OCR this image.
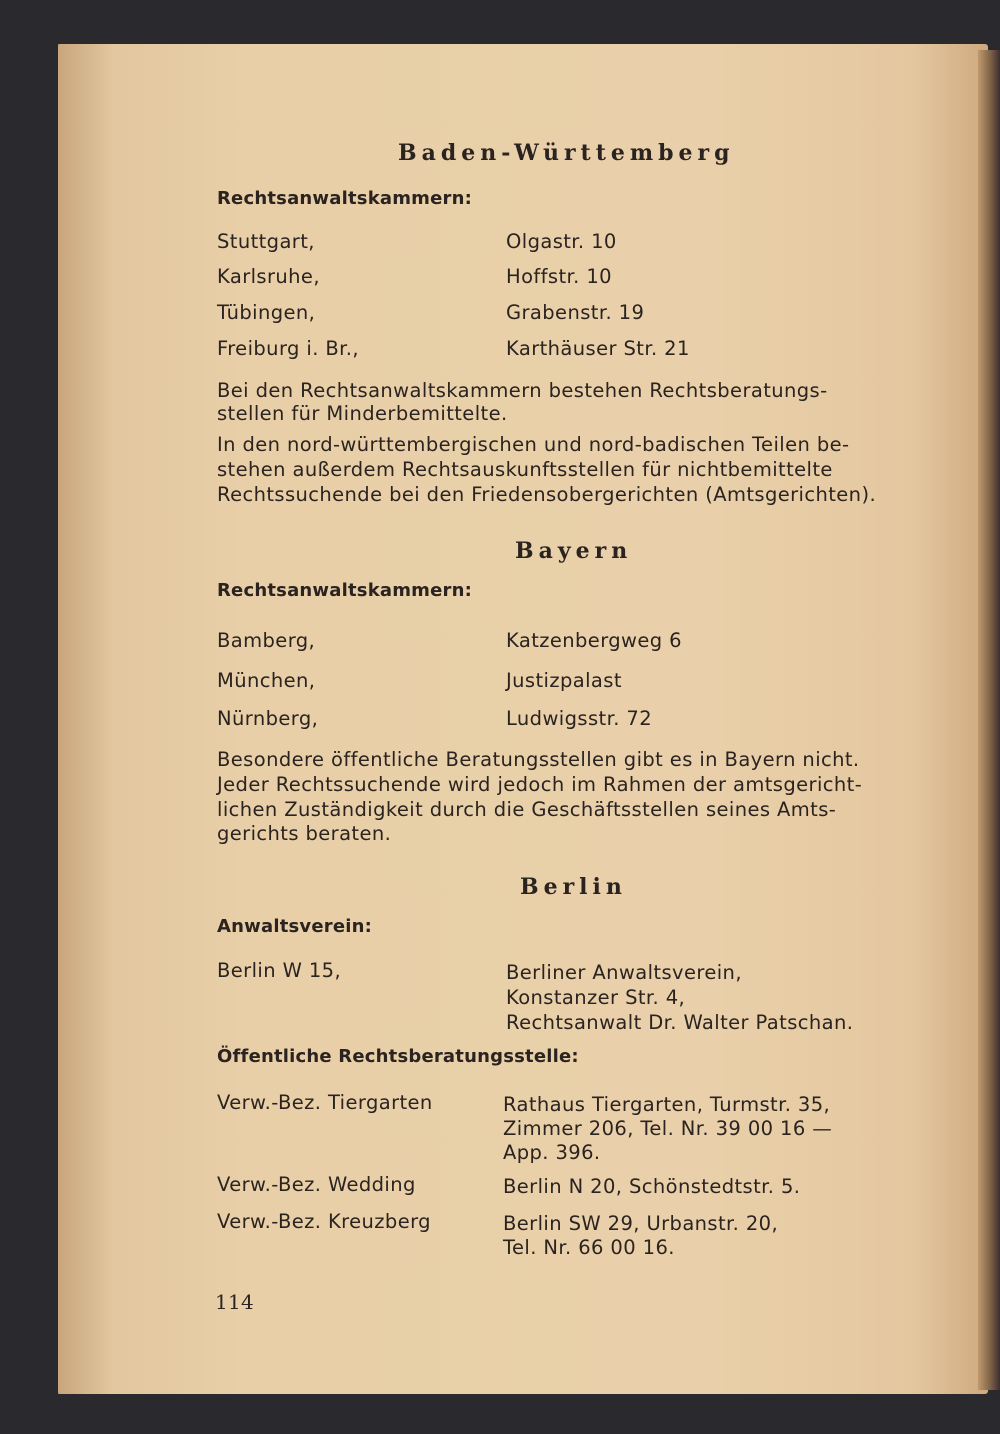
Baden-Württemberg
Rechtsanwaltskammern:
Stuttgart,	Olgastr. 10
Karlsruhe,	Hoffstr. 10
Tübingen,	Grabenstr. 19
Freiburg i. Br.,	Karthäuser Str. 21
Bei den Rechtsanwaltskammern bestehen Rechtsberatungs-
stellen für Minderbemittelte.
In den nord-württembergischen und nord-badischen Teilen be-
stehen außerdem Rechtsauskunftsstellen für nichtbemittelte
Rechtssuchende bei den Friedensobergerichten (Amtsgerichten).
Bayern
Rechtsanwaltskammern:
Bamberg,	Katzenbergweg 6
München,	Justizpalast
Nürnberg,	Ludwigsstr. 72
Besondere öffentliche Beratungsstellen gibt es in Bayern nicht.
Jeder Rechtssuchende wird jedoch im Rahmen der amtsgericht-
lichen Zuständigkeit durch die Geschäftsstellen seines Amts-
gerichts beraten.
Berlin
Anwaltsverein:
Berlin W 15,	Berliner Anwaltsverein,
Konstanzer Str. 4,
Rechtsanwalt Dr. Walter Patschan.
Öffentliche Rechtsberatungsstelle:
Verw.-Bez. Tiergarten	Rathaus Tiergarten, Turmstr. 35,
Zimmer 206, Tel. Nr. 39 00 16 —
App. 396.
Verw.-Bez. Wedding	Berlin N 20, Schönstedtstr. 5.
Verw.-Bez. Kreuzberg	Berlin SW 29, Urbanstr. 20,
Tel. Nr. 66 00 16.
114
